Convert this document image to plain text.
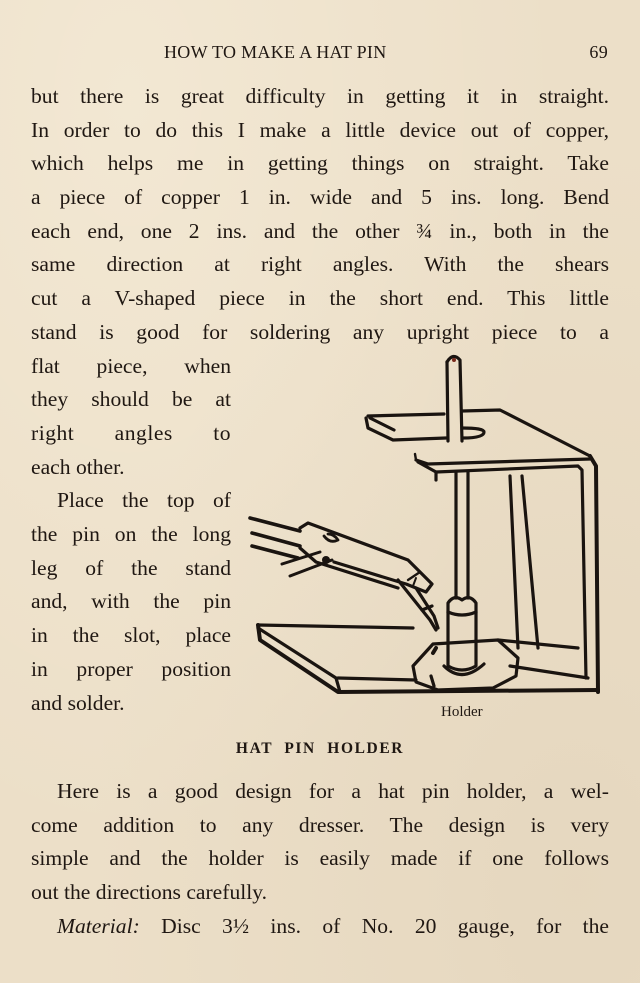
HOW TO MAKE A HAT PIN	69
but there is great difficulty in getting it in straight.
In order to do this I make a little device out of copper,
which helps me in getting things on straight. Take
a piece of copper 1 in. wide and 5 ins. long. Bend
each end, one 2 ins. and the other ¾ in., both in the
same direction at right angles. With the shears
cut a V-shaped piece in the short end. This little
stand is good for soldering any upright piece to a
flat piece, when
they should be at
right angles to
each other.
Place the top of
the pin on the long
leg of the stand
and, with the pin
in the slot, place
in proper position
and solder.	Holder
HAT PIN HOLDER
Here is a good design for a hat pin holder, a wel-
come addition to any dresser. The design is very
simple and the holder is easily made if one follows
out the directions carefully.
Material: Disc 3½ ins. of No. 20 gauge, for the
